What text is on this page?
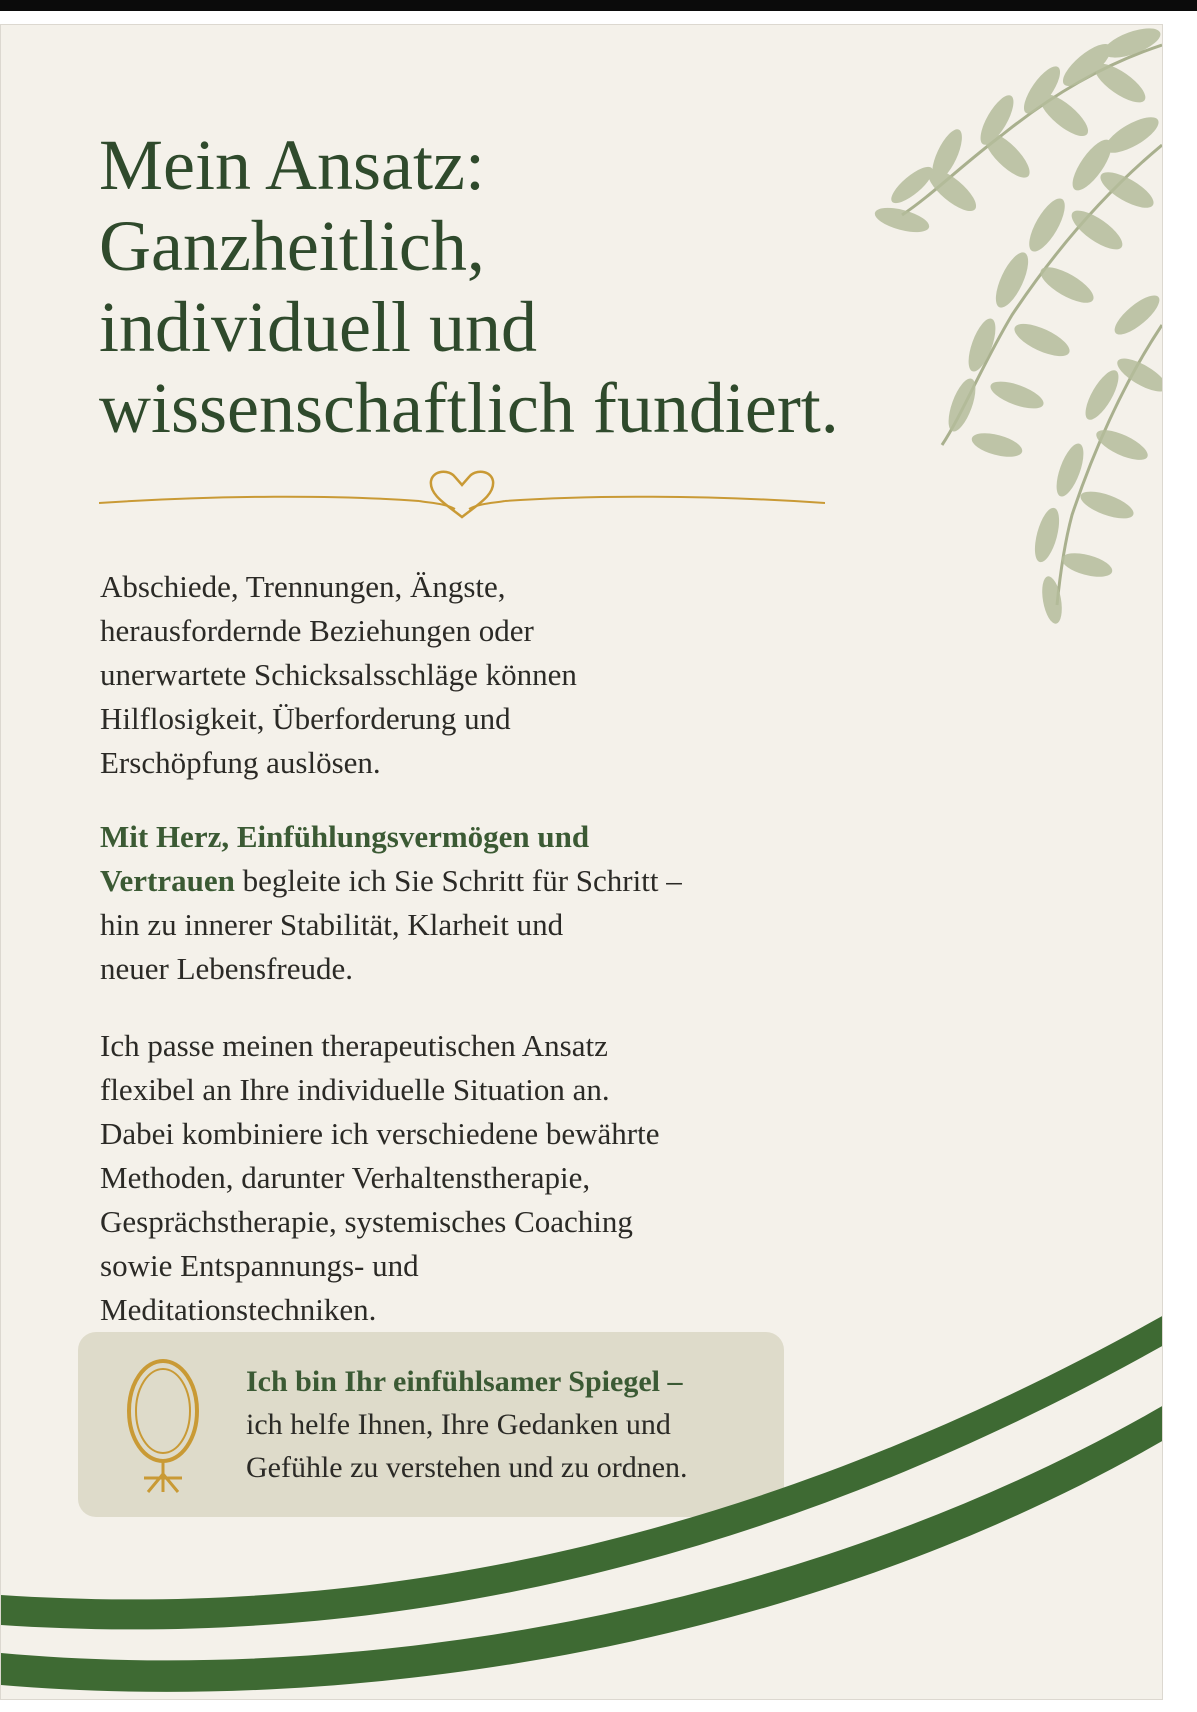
Mein Ansatz:
Ganzheitlich,
individuell und
wissenschaftlich fundiert.

Abschiede, Trennungen, Ängste,
herausfordernde Beziehungen oder
unerwartete Schicksalsschläge können
Hilflosigkeit, Überforderung und
Erschöpfung auslösen.

Mit Herz, Einfühlungsvermögen und
Vertrauen begleite ich Sie Schritt für Schritt –
hin zu innerer Stabilität, Klarheit und
neuer Lebensfreude.

Ich passe meinen therapeutischen Ansatz
flexibel an Ihre individuelle Situation an.
Dabei kombiniere ich verschiedene bewährte
Methoden, darunter Verhaltenstherapie,
Gesprächstherapie, systemisches Coaching
sowie Entspannungs- und
Meditationstechniken.

Ich bin Ihr einfühlsamer Spiegel –
ich helfe Ihnen, Ihre Gedanken und
Gefühle zu verstehen und zu ordnen.
